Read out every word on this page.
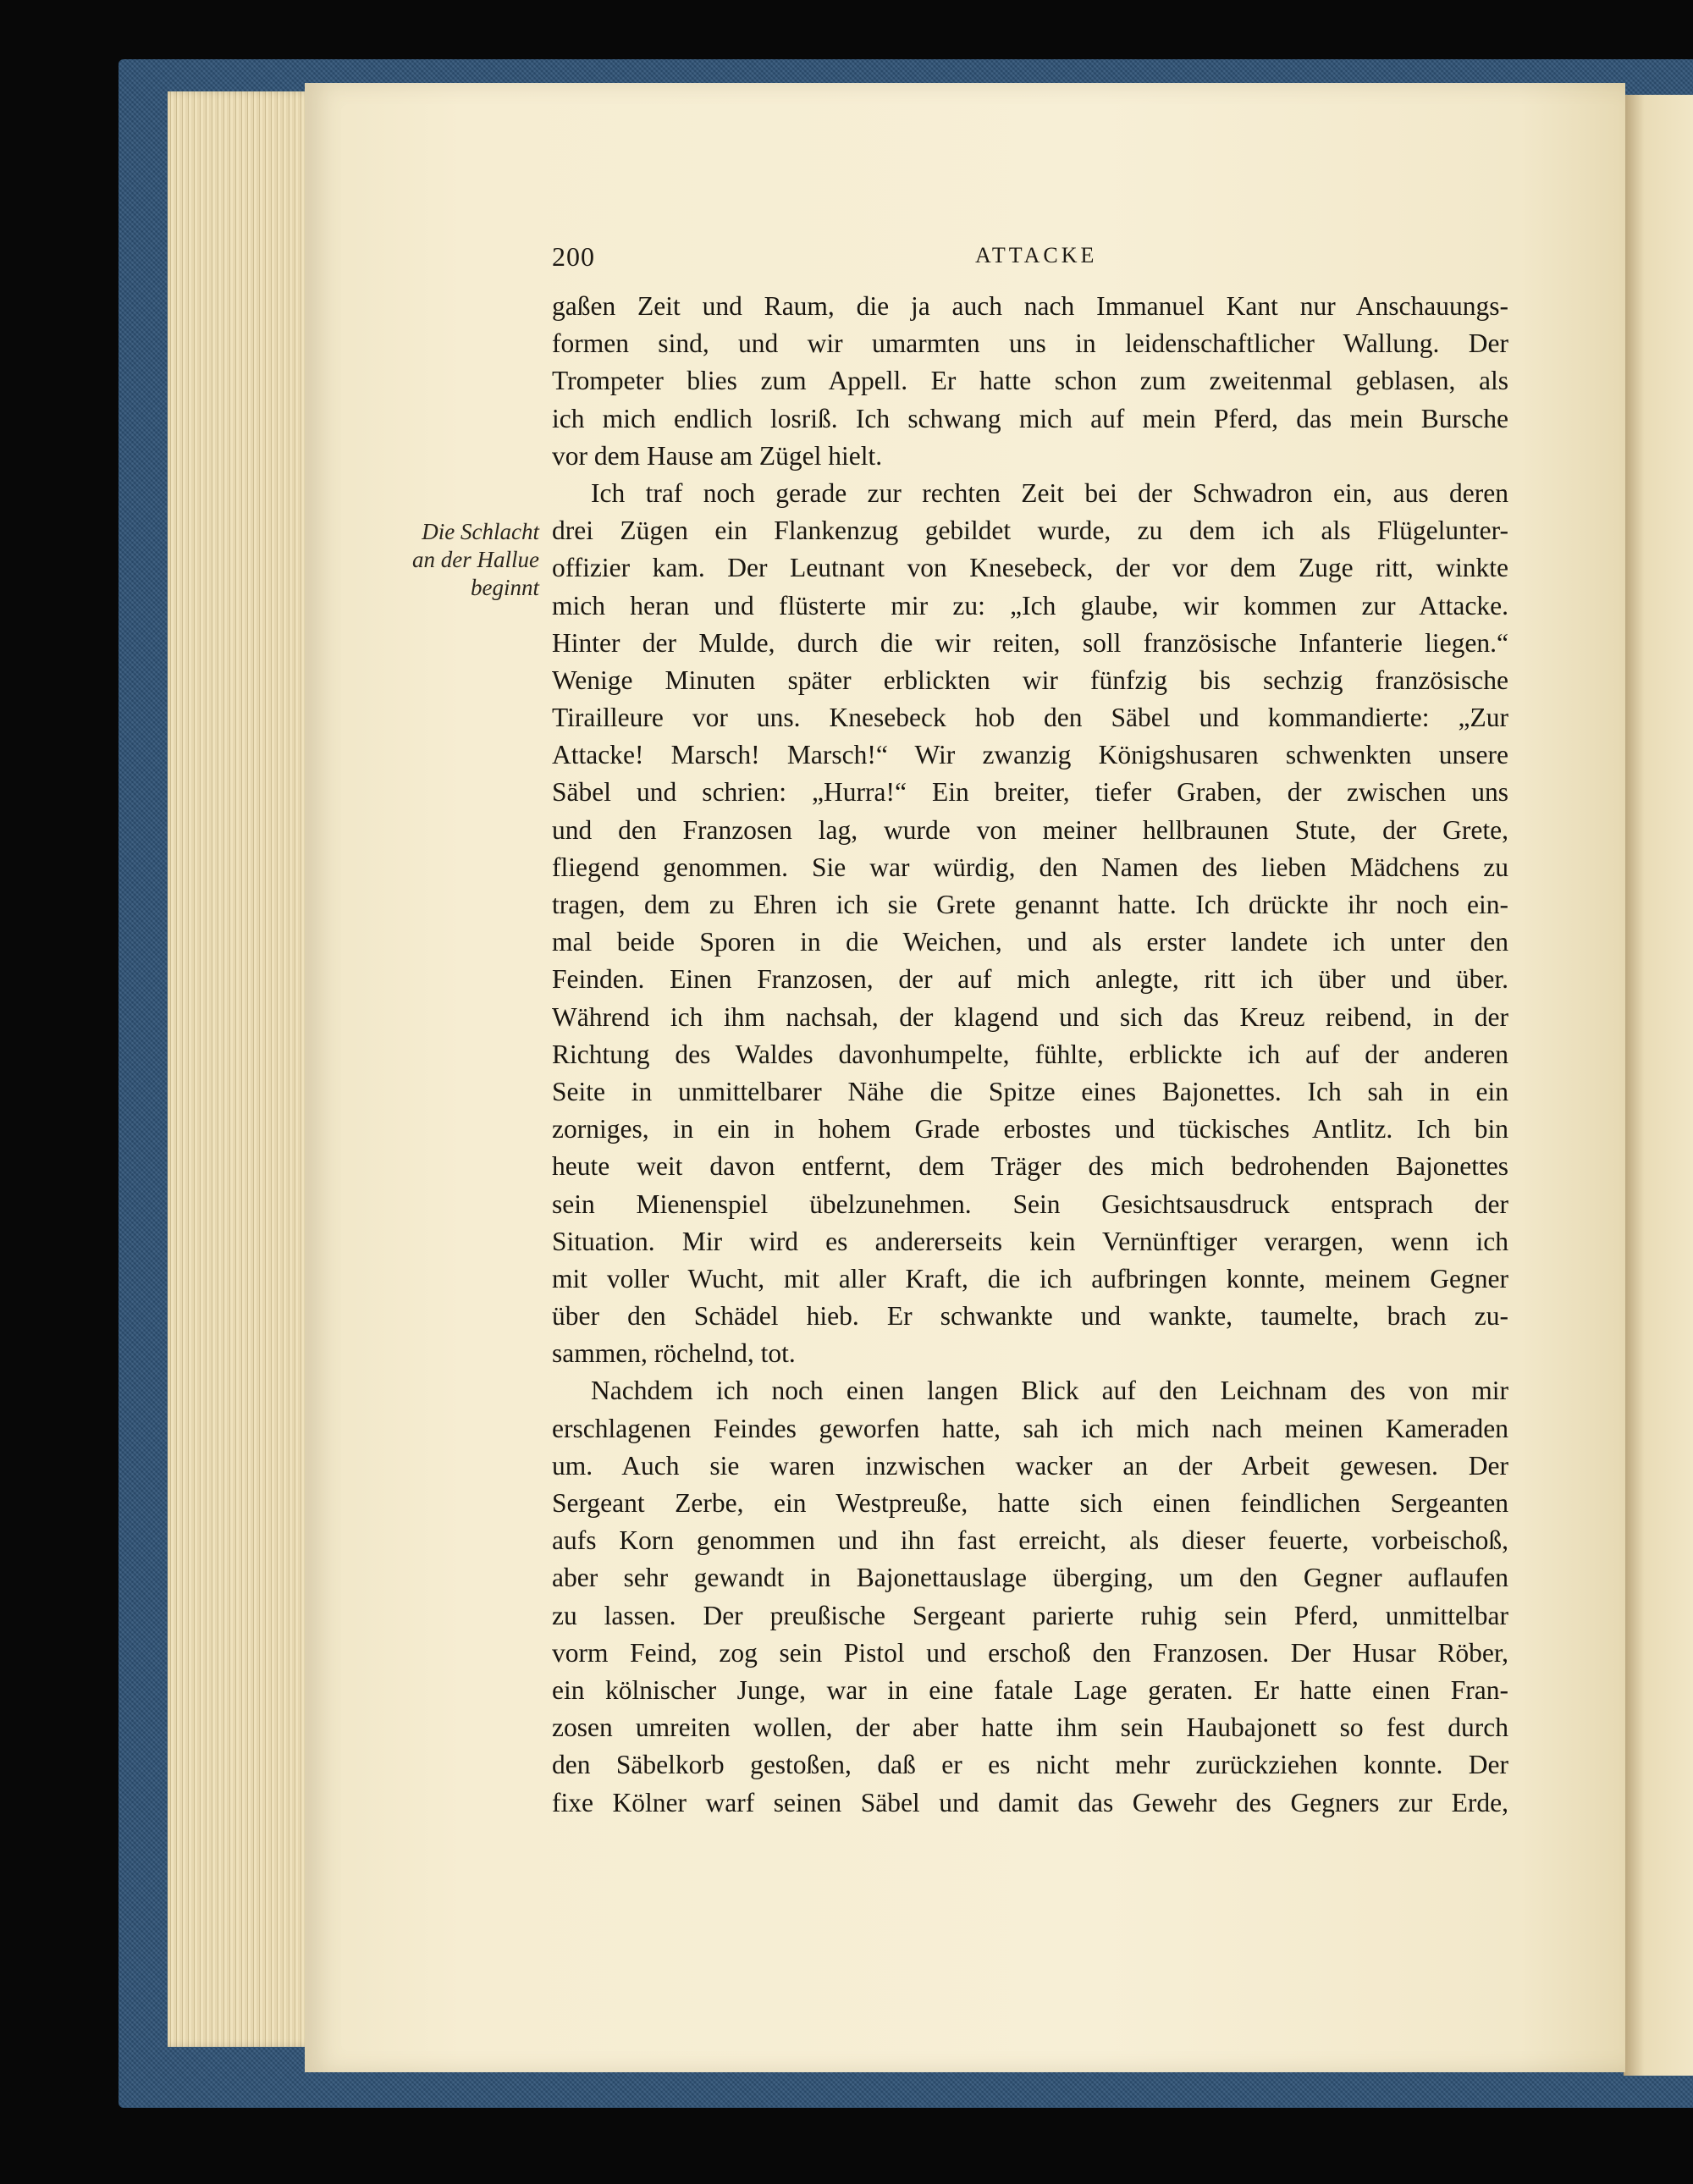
200	ATTACKE
Die Schlacht
an der Hallue
beginnt
gaßen Zeit und Raum, die ja auch nach Immanuel Kant nur Anschauungs-
formen sind, und wir umarmten uns in leidenschaftlicher Wallung. Der
Trompeter blies zum Appell. Er hatte schon zum zweitenmal geblasen, als
ich mich endlich losriß. Ich schwang mich auf mein Pferd, das mein Bursche
vor dem Hause am Zügel hielt.
Ich traf noch gerade zur rechten Zeit bei der Schwadron ein, aus deren
drei Zügen ein Flankenzug gebildet wurde, zu dem ich als Flügelunter-
offizier kam. Der Leutnant von Knesebeck, der vor dem Zuge ritt, winkte
mich heran und flüsterte mir zu: „Ich glaube, wir kommen zur Attacke.
Hinter der Mulde, durch die wir reiten, soll französische Infanterie liegen.“
Wenige Minuten später erblickten wir fünfzig bis sechzig französische
Tirailleure vor uns. Knesebeck hob den Säbel und kommandierte: „Zur
Attacke! Marsch! Marsch!“ Wir zwanzig Königshusaren schwenkten unsere
Säbel und schrien: „Hurra!“ Ein breiter, tiefer Graben, der zwischen uns
und den Franzosen lag, wurde von meiner hellbraunen Stute, der Grete,
fliegend genommen. Sie war würdig, den Namen des lieben Mädchens zu
tragen, dem zu Ehren ich sie Grete genannt hatte. Ich drückte ihr noch ein-
mal beide Sporen in die Weichen, und als erster landete ich unter den
Feinden. Einen Franzosen, der auf mich anlegte, ritt ich über und über.
Während ich ihm nachsah, der klagend und sich das Kreuz reibend, in der
Richtung des Waldes davonhumpelte, fühlte, erblickte ich auf der anderen
Seite in unmittelbarer Nähe die Spitze eines Bajonettes. Ich sah in ein
zorniges, in ein in hohem Grade erbostes und tückisches Antlitz. Ich bin
heute weit davon entfernt, dem Träger des mich bedrohenden Bajonettes
sein Mienenspiel übelzunehmen. Sein Gesichtsausdruck entsprach der
Situation. Mir wird es andererseits kein Vernünftiger verargen, wenn ich
mit voller Wucht, mit aller Kraft, die ich aufbringen konnte, meinem Gegner
über den Schädel hieb. Er schwankte und wankte, taumelte, brach zu-
sammen, röchelnd, tot.
Nachdem ich noch einen langen Blick auf den Leichnam des von mir
erschlagenen Feindes geworfen hatte, sah ich mich nach meinen Kameraden
um. Auch sie waren inzwischen wacker an der Arbeit gewesen. Der
Sergeant Zerbe, ein Westpreuße, hatte sich einen feindlichen Sergeanten
aufs Korn genommen und ihn fast erreicht, als dieser feuerte, vorbeischoß,
aber sehr gewandt in Bajonettauslage überging, um den Gegner auflaufen
zu lassen. Der preußische Sergeant parierte ruhig sein Pferd, unmittelbar
vorm Feind, zog sein Pistol und erschoß den Franzosen. Der Husar Röber,
ein kölnischer Junge, war in eine fatale Lage geraten. Er hatte einen Fran-
zosen umreiten wollen, der aber hatte ihm sein Haubajonett so fest durch
den Säbelkorb gestoßen, daß er es nicht mehr zurückziehen konnte. Der
fixe Kölner warf seinen Säbel und damit das Gewehr des Gegners zur Erde,
